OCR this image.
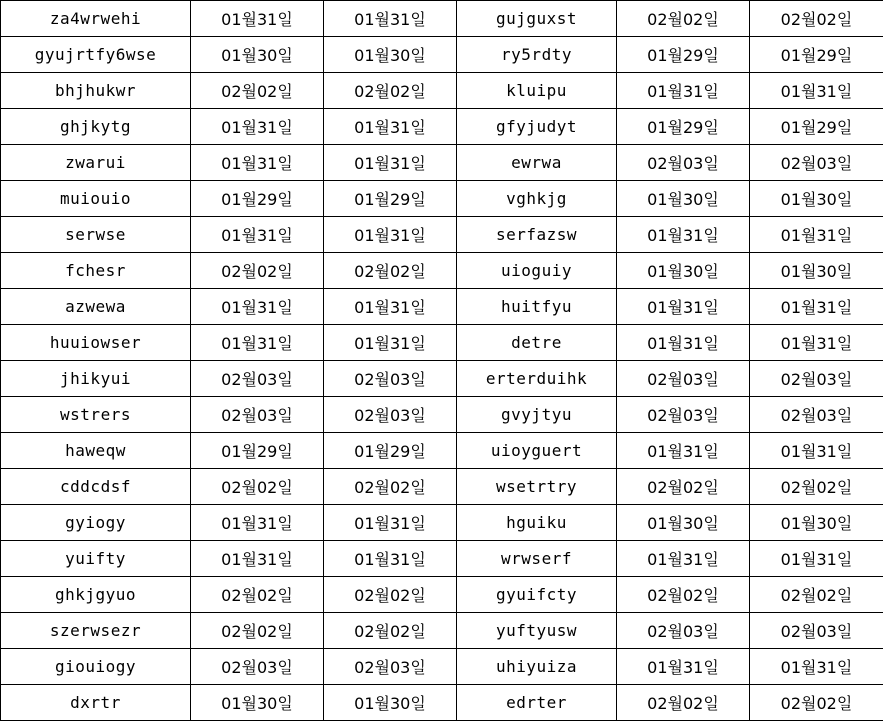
za4wrwehi	01월31일	01월31일	gujguxst	02월02일	02월02일
gyujrtfy6wse	01월30일	01월30일	ry5rdty	01월29일	01월29일
bhjhukwr	02월02일	02월02일	kluipu	01월31일	01월31일
ghjkytg	01월31일	01월31일	gfyjudyt	01월29일	01월29일
zwarui	01월31일	01월31일	ewrwa	02월03일	02월03일
muiouio	01월29일	01월29일	vghkjg	01월30일	01월30일
serwse	01월31일	01월31일	serfazsw	01월31일	01월31일
fchesr	02월02일	02월02일	uioguiy	01월30일	01월30일
azwewa	01월31일	01월31일	huitfyu	01월31일	01월31일
huuiowser	01월31일	01월31일	detre	01월31일	01월31일
jhikyui	02월03일	02월03일	erterduihk	02월03일	02월03일
wstrers	02월03일	02월03일	gvyjtyu	02월03일	02월03일
haweqw	01월29일	01월29일	uioyguert	01월31일	01월31일
cddcdsf	02월02일	02월02일	wsetrtry	02월02일	02월02일
gyiogy	01월31일	01월31일	hguiku	01월30일	01월30일
yuifty	01월31일	01월31일	wrwserf	01월31일	01월31일
ghkjgyuo	02월02일	02월02일	gyuifcty	02월02일	02월02일
szerwsezr	02월02일	02월02일	yuftyusw	02월03일	02월03일
giouiogy	02월03일	02월03일	uhiyuiza	01월31일	01월31일
dxrtr	01월30일	01월30일	edrter	02월02일	02월02일
